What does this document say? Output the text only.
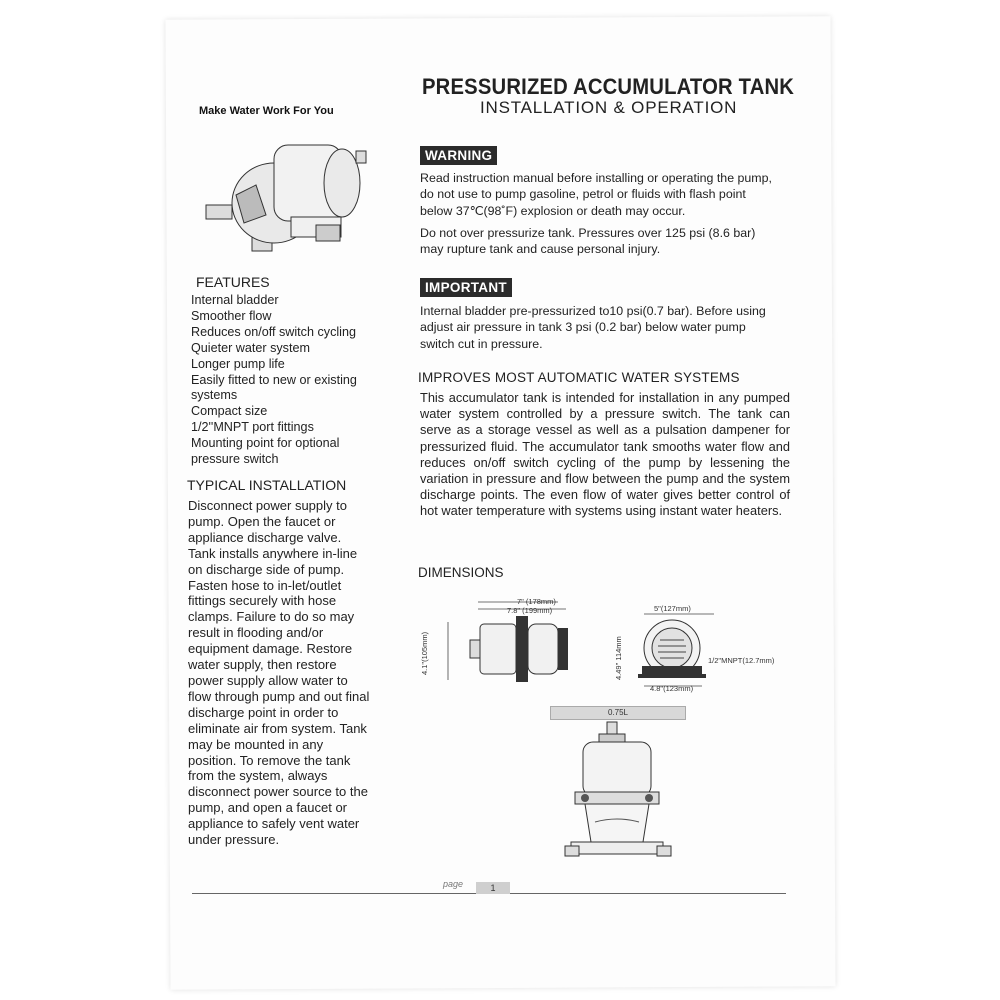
Make Water Work For You
PRESSURIZED ACCUMULATOR TANK
INSTALLATION & OPERATION
FEATURES
Internal bladder
Smoother flow
Reduces on/off switch cycling
Quieter water system
Longer pump life
Easily fitted to new or existing systems
Compact size
1/2''MNPT port fittings
Mounting point for optional pressure switch
TYPICAL INSTALLATION
Disconnect power supply to pump. Open the faucet or appliance discharge valve. Tank installs anywhere in-line on discharge side of pump. Fasten hose to in-let/outlet fittings securely with hose clamps. Failure to do so may result in flooding and/or equipment damage. Restore water supply, then restore power supply allow water to flow through pump and out final discharge point in order to eliminate air from system. Tank may be mounted in any position. To remove the tank from the system, always disconnect power source to the pump, and open a faucet or appliance to safely vent water under pressure.
WARNING
Read instruction manual before installing or operating the pump, do not use to pump gasoline, petrol or fluids with flash point below 37℃(98˚F) explosion or death may occur.
Do not over pressurize tank. Pressures over 125 psi (8.6 bar) may rupture tank and cause personal injury.
IMPORTANT
Internal bladder pre-pressurized to10 psi(0.7 bar). Before using adjust air pressure in tank 3 psi (0.2 bar) below water pump switch cut in pressure.
IMPROVES MOST AUTOMATIC WATER SYSTEMS
This accumulator tank is intended for installation in any pumped water system controlled by a pressure switch. The tank can serve as a storage vessel as well as a pulsation dampener for pressurized fluid. The accumulator tank smooths water flow and reduces on/off switch cycling of the pump by lessening the variation in pressure and flow between the pump and the system discharge points. The even flow of water gives better control of hot water temperature with systems using instant water heaters.
DIMENSIONS
7" (178mm)
7.8" (199mm)
4.1"(105mm)
5"(127mm)
4.49" 114mm	1/2"MNPT(12.7mm)
4.8"(123mm)
0.75L
page	1
